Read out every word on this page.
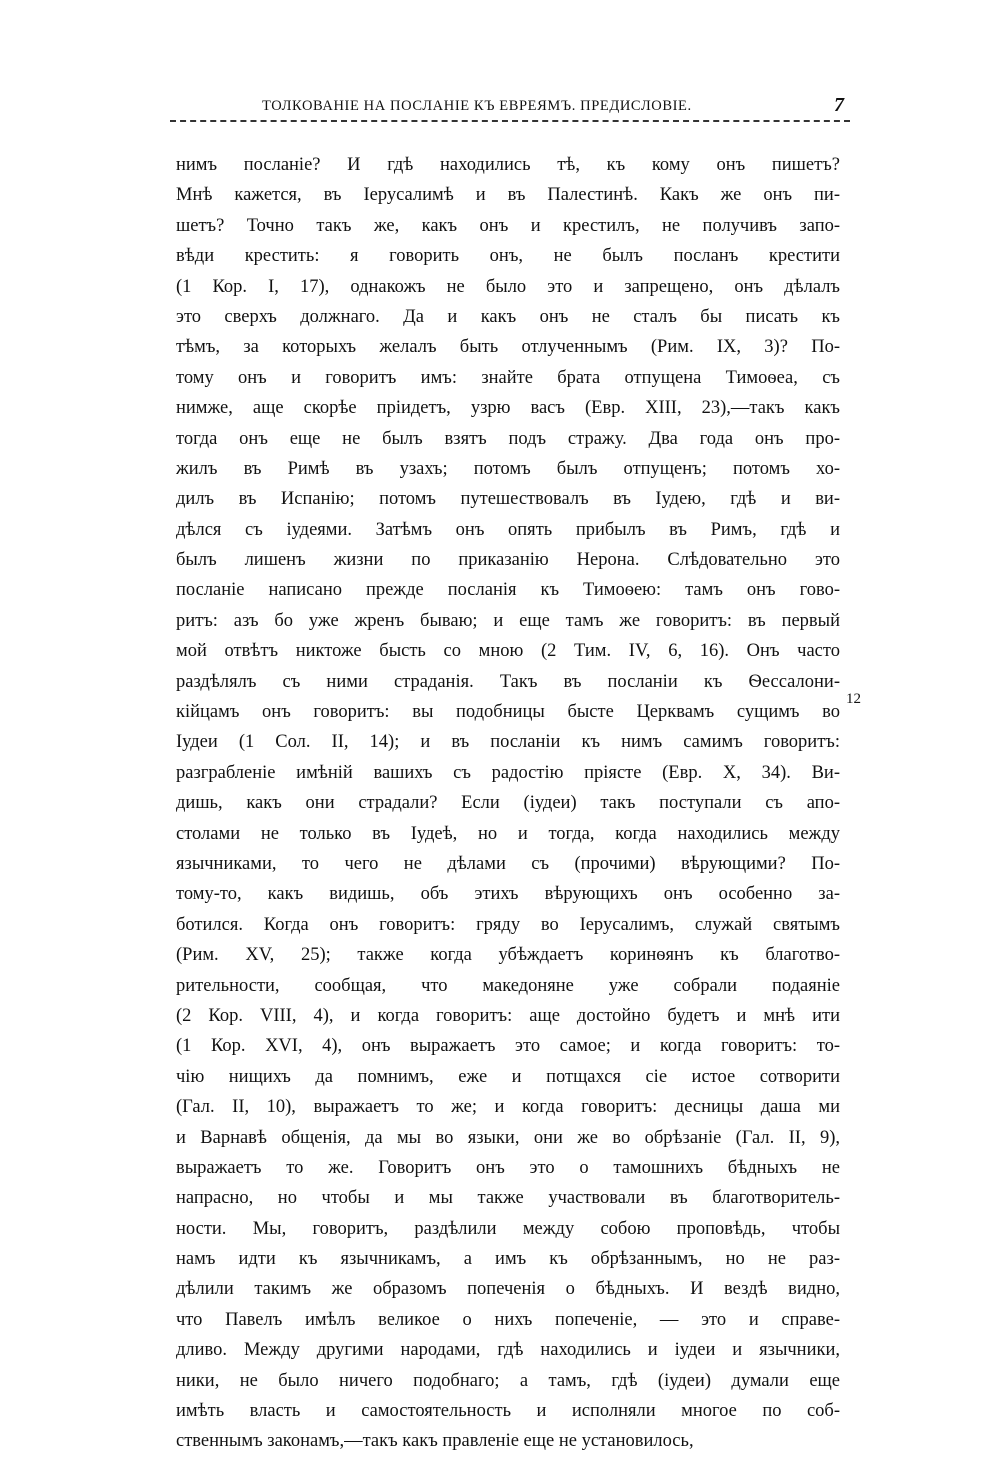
ТОЛКОВАНІЕ НА ПОСЛАНІЕ КЪ ЕВРЕЯМЪ. ПРЕДИСЛОВІЕ.	7
нимъ посланіе? И гдѣ находились тѣ, къ кому онъ пишетъ?
Мнѣ кажется, въ Іерусалимѣ и въ Палестинѣ. Какъ же онъ пи-
шетъ? Точно такъ же, какъ онъ и крестилъ, не получивъ запо-
вѣди крестить: я говорить онъ, не былъ посланъ крестити
(1 Кор. I, 17), однакожъ не было это и запрещено, онъ дѣлалъ
это сверхъ должнаго. Да и какъ онъ не сталъ бы писать къ
тѣмъ, за которыхъ желалъ быть отлученнымъ (Рим. IX, 3)? По-
тому онъ и говоритъ имъ: знайте брата отпущена Тимоѳеа, съ
нимже, аще скорѣе пріидетъ, узрю васъ (Евр. XIII, 23),—такъ какъ
тогда онъ еще не былъ взятъ подъ стражу. Два года онъ про-
жилъ въ Римѣ въ узахъ; потомъ былъ отпущенъ; потомъ хо-
дилъ въ Испанію; потомъ путешествовалъ въ Іудею, гдѣ и ви-
дѣлся съ іудеями. Затѣмъ онъ опять прибылъ въ Римъ, гдѣ и
былъ лишенъ жизни по приказанію Нерона. Слѣдовательно это
посланіе написано прежде посланія къ Тимоѳею: тамъ онъ гово-
ритъ: азъ бо уже жренъ бываю; и еще тамъ же говоритъ: въ первый
мой отвѣтъ никтоже бысть со мною (2 Тим. IV, 6, 16). Онъ часто
раздѣлялъ съ ними страданія. Такъ въ посланіи къ Ѳессалони-
кійцамъ онъ говоритъ: вы подобницы бысте Церквамъ сущимъ во
Іудеи (1 Сол. II, 14); и въ посланіи къ нимъ самимъ говоритъ:
разграбленіе имѣній вашихъ съ радостію пріясте (Евр. X, 34). Ви-
дишь, какъ они страдали? Если (іудеи) такъ поступали съ апо-
столами не только въ Іудеѣ, но и тогда, когда находились между
язычниками, то чего не дѣлами съ (прочими) вѣрующими? По-
тому-то, какъ видишь, объ этихъ вѣрующихъ онъ особенно за-
ботился. Когда онъ говоритъ: гряду во Іерусалимъ, служай святымъ
(Рим. XV, 25); также когда убѣждаетъ коринѳянъ къ благотво-
рительности, сообщая, что македоняне уже собрали подаяніе
(2 Кор. VIII, 4), и когда говоритъ: аще достойно будетъ и мнѣ ити
(1 Кор. XVI, 4), онъ выражаетъ это самое; и когда говоритъ: то-
чію нищихъ да помнимъ, еже и потщахся сіе истое сотворити
(Гал. II, 10), выражаетъ то же; и когда говоритъ: десницы даша ми
и Варнавѣ общенія, да мы во языки, они же во обрѣзаніе (Гал. II, 9),
выражаетъ то же. Говоритъ онъ это о тамошнихъ бѣдныхъ не
напрасно, но чтобы и мы также участвовали въ благотворитель-
ности. Мы, говоритъ, раздѣлили между собою проповѣдь, чтобы
намъ идти къ язычникамъ, а имъ къ обрѣзаннымъ, но не раз-
дѣлили такимъ же образомъ попеченія о бѣдныхъ. И вездѣ видно,
что Павелъ имѣлъ великое о нихъ попеченіе, — это и справе-
дливо. Между другими народами, гдѣ находились и іудеи и язычники,
ники, не было ничего подобнаго; а тамъ, гдѣ (іудеи) думали еще
имѣть власть и самостоятельность и исполняли многое по соб-
ственнымъ законамъ,—такъ какъ правленіе еще не установилось,
12
